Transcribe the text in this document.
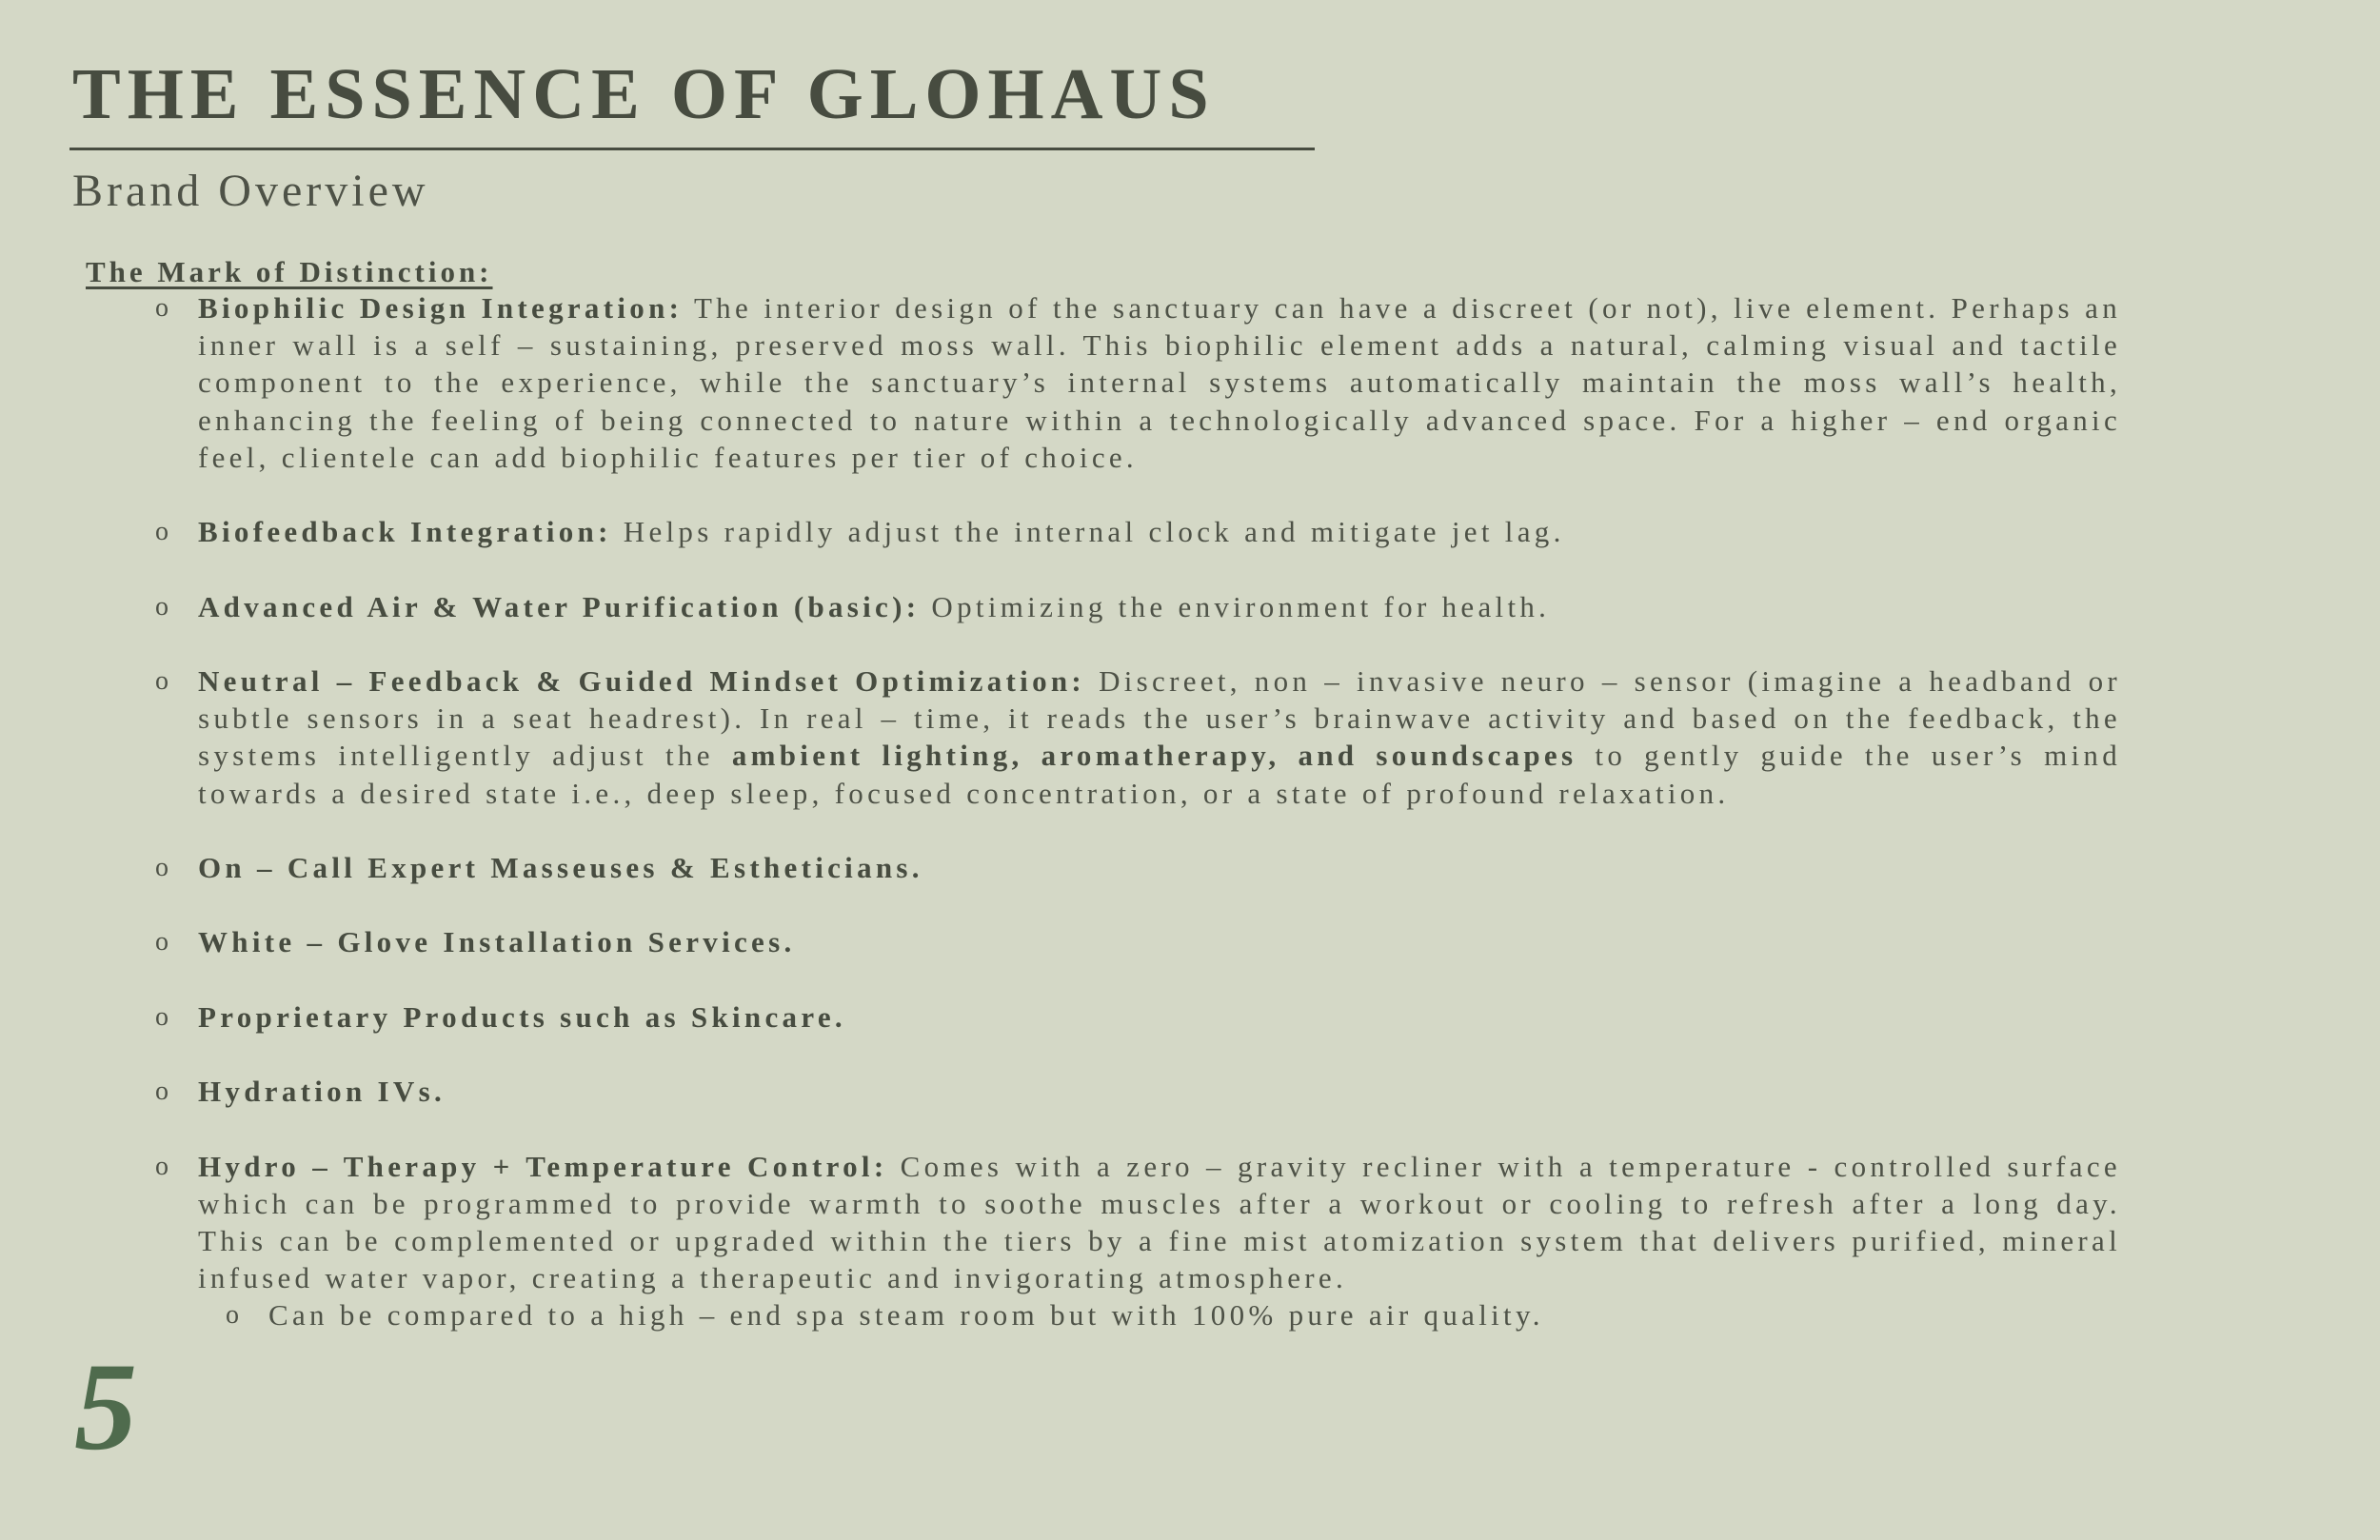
THE ESSENCE OF GLOHAUS
Brand Overview
The Mark of Distinction:
o Biophilic Design Integration: The interior design of the sanctuary can have a discreet (or not), live element. Perhaps an inner wall is a self – sustaining, preserved moss wall. This biophilic element adds a natural, calming visual and tactile component to the experience, while the sanctuary’s internal systems automatically maintain the moss wall’s health, enhancing the feeling of being connected to nature within a technologically advanced space. For a higher – end organic feel, clientele can add biophilic features per tier of choice.
o Biofeedback Integration: Helps rapidly adjust the internal clock and mitigate jet lag.
o Advanced Air & Water Purification (basic): Optimizing the environment for health.
o Neutral – Feedback & Guided Mindset Optimization: Discreet, non – invasive neuro – sensor (imagine a headband or subtle sensors in a seat headrest). In real – time, it reads the user’s brainwave activity and based on the feedback, the systems intelligently adjust the ambient lighting, aromatherapy, and soundscapes to gently guide the user’s mind towards a desired state i.e., deep sleep, focused concentration, or a state of profound relaxation.
o On – Call Expert Masseuses & Estheticians.
o White – Glove Installation Services.
o Proprietary Products such as Skincare.
o Hydration IVs.
o Hydro – Therapy + Temperature Control: Comes with a zero – gravity recliner with a temperature - controlled surface which can be programmed to provide warmth to soothe muscles after a workout or cooling to refresh after a long day. This can be complemented or upgraded within the tiers by a fine mist atomization system that delivers purified, mineral infused water vapor, creating a therapeutic and invigorating atmosphere.
o Can be compared to a high – end spa steam room but with 100% pure air quality.
5
